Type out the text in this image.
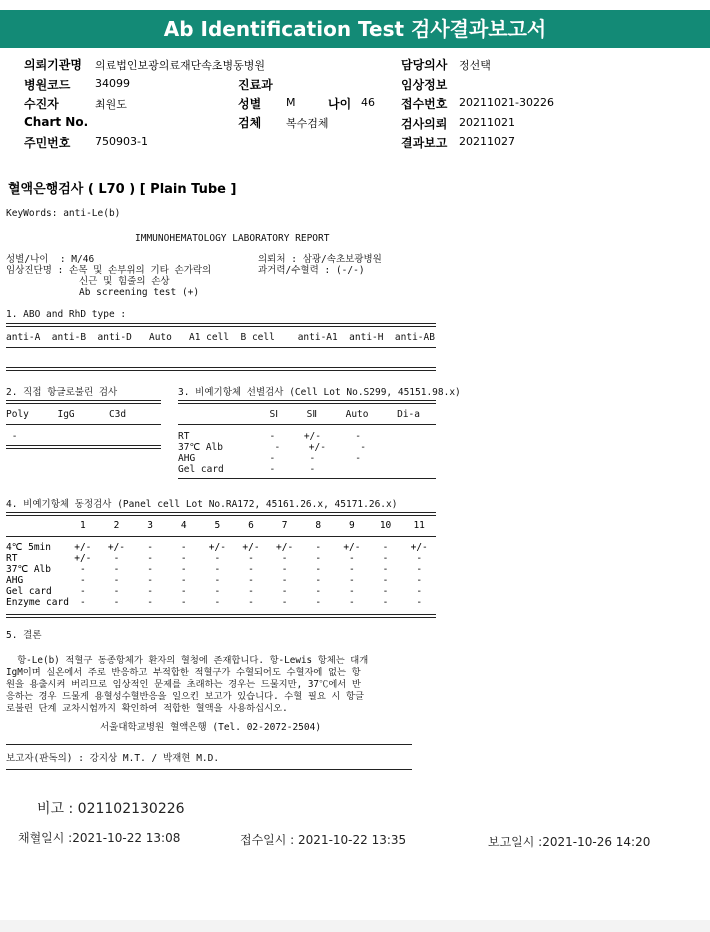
Ab Identification Test 검사결과보고서
의뢰기관명 의료법인보광의료재단속초병동병원	담당의사 정선택
병원코드 34099	진료과	임상정보
수진자	최원도	성별 M	나이 46 접수번호 20211021-30226
Chart No.	검체 복수검체	검사의뢰 20211021
주민번호 750903-1	결과보고 20211027
혈액은행검사 ( L70 ) [ Plain Tube ]
KeyWords: anti-Le(b)
IMMUNOHEMATOLOGY LABORATORY REPORT
성별/나이  : M/46
임상진단명 : 손목 및 손부위의 기타 손가락의
신근 및 힘줄의 손상
Ab screening test (+)
의뢰처 : 삼광/속초보광병원
과거력/수혈력 : (-/-)
1. ABO and RhD type :
anti-A  anti-B  anti-D   Auto   A1 cell  B cell    anti-A1  anti-H  anti-AB
2. 직접 항글로불린 검사
Poly     IgG      C3d
-
3. 비예기항체 선별검사 (Cell Lot No.S299, 45151.98.x)
SⅠ     SⅡ     Auto     Di-a
RT              -     +/-      -
37℃ Alb         -     +/-      -
AHG             -      -       -
Gel card        -      -
4. 비예기항체 동정검사 (Panel cell Lot No.RA172, 45161.26.x, 45171.26.x)
1	2	3	4	5	6	7	8	9	10	11
4℃ 5min	+/-	+/-	-	-	+/-	+/-	+/-	-	+/-	-	+/-
RT	+/-	-	-	-	-	-	-	-	-	-	-
37℃ Alb	-	-	-	-	-	-	-	-	-	-	-
AHG	-	-	-	-	-	-	-	-	-	-	-
Gel card	-	-	-	-	-	-	-	-	-	-	-
Enzyme card	-	-	-	-	-	-	-	-	-	-	-
5. 결론
항-Le(b) 적혈구 동종항체가 환자의 혈청에 존재합니다. 항-Lewis 항체는 대개
IgM이며 실온에서 주로 반응하고 부적합한 적혈구가 수혈되어도 수혈자에 없는 항
원을 용출시켜 버리므로 임상적인 문제를 초래하는 경우는 드물지만, 37℃에서 반
응하는 경우 드물게 용혈성수혈반응을 일으킨 보고가 있습니다. 수혈 필요 시 항글
로불린 단계 교차시험까지 확인하여 적합한 혈액을 사용하십시오.
서울대학교병원 혈액은행 (Tel. 02-2072-2504)
보고자(판독의) : 강지상 M.T. / 박재현 M.D.
비고 : 021102130226
채혈일시 :2021-10-22 13:08	접수일시 : 2021-10-22 13:35	보고일시 :2021-10-26 14:20
